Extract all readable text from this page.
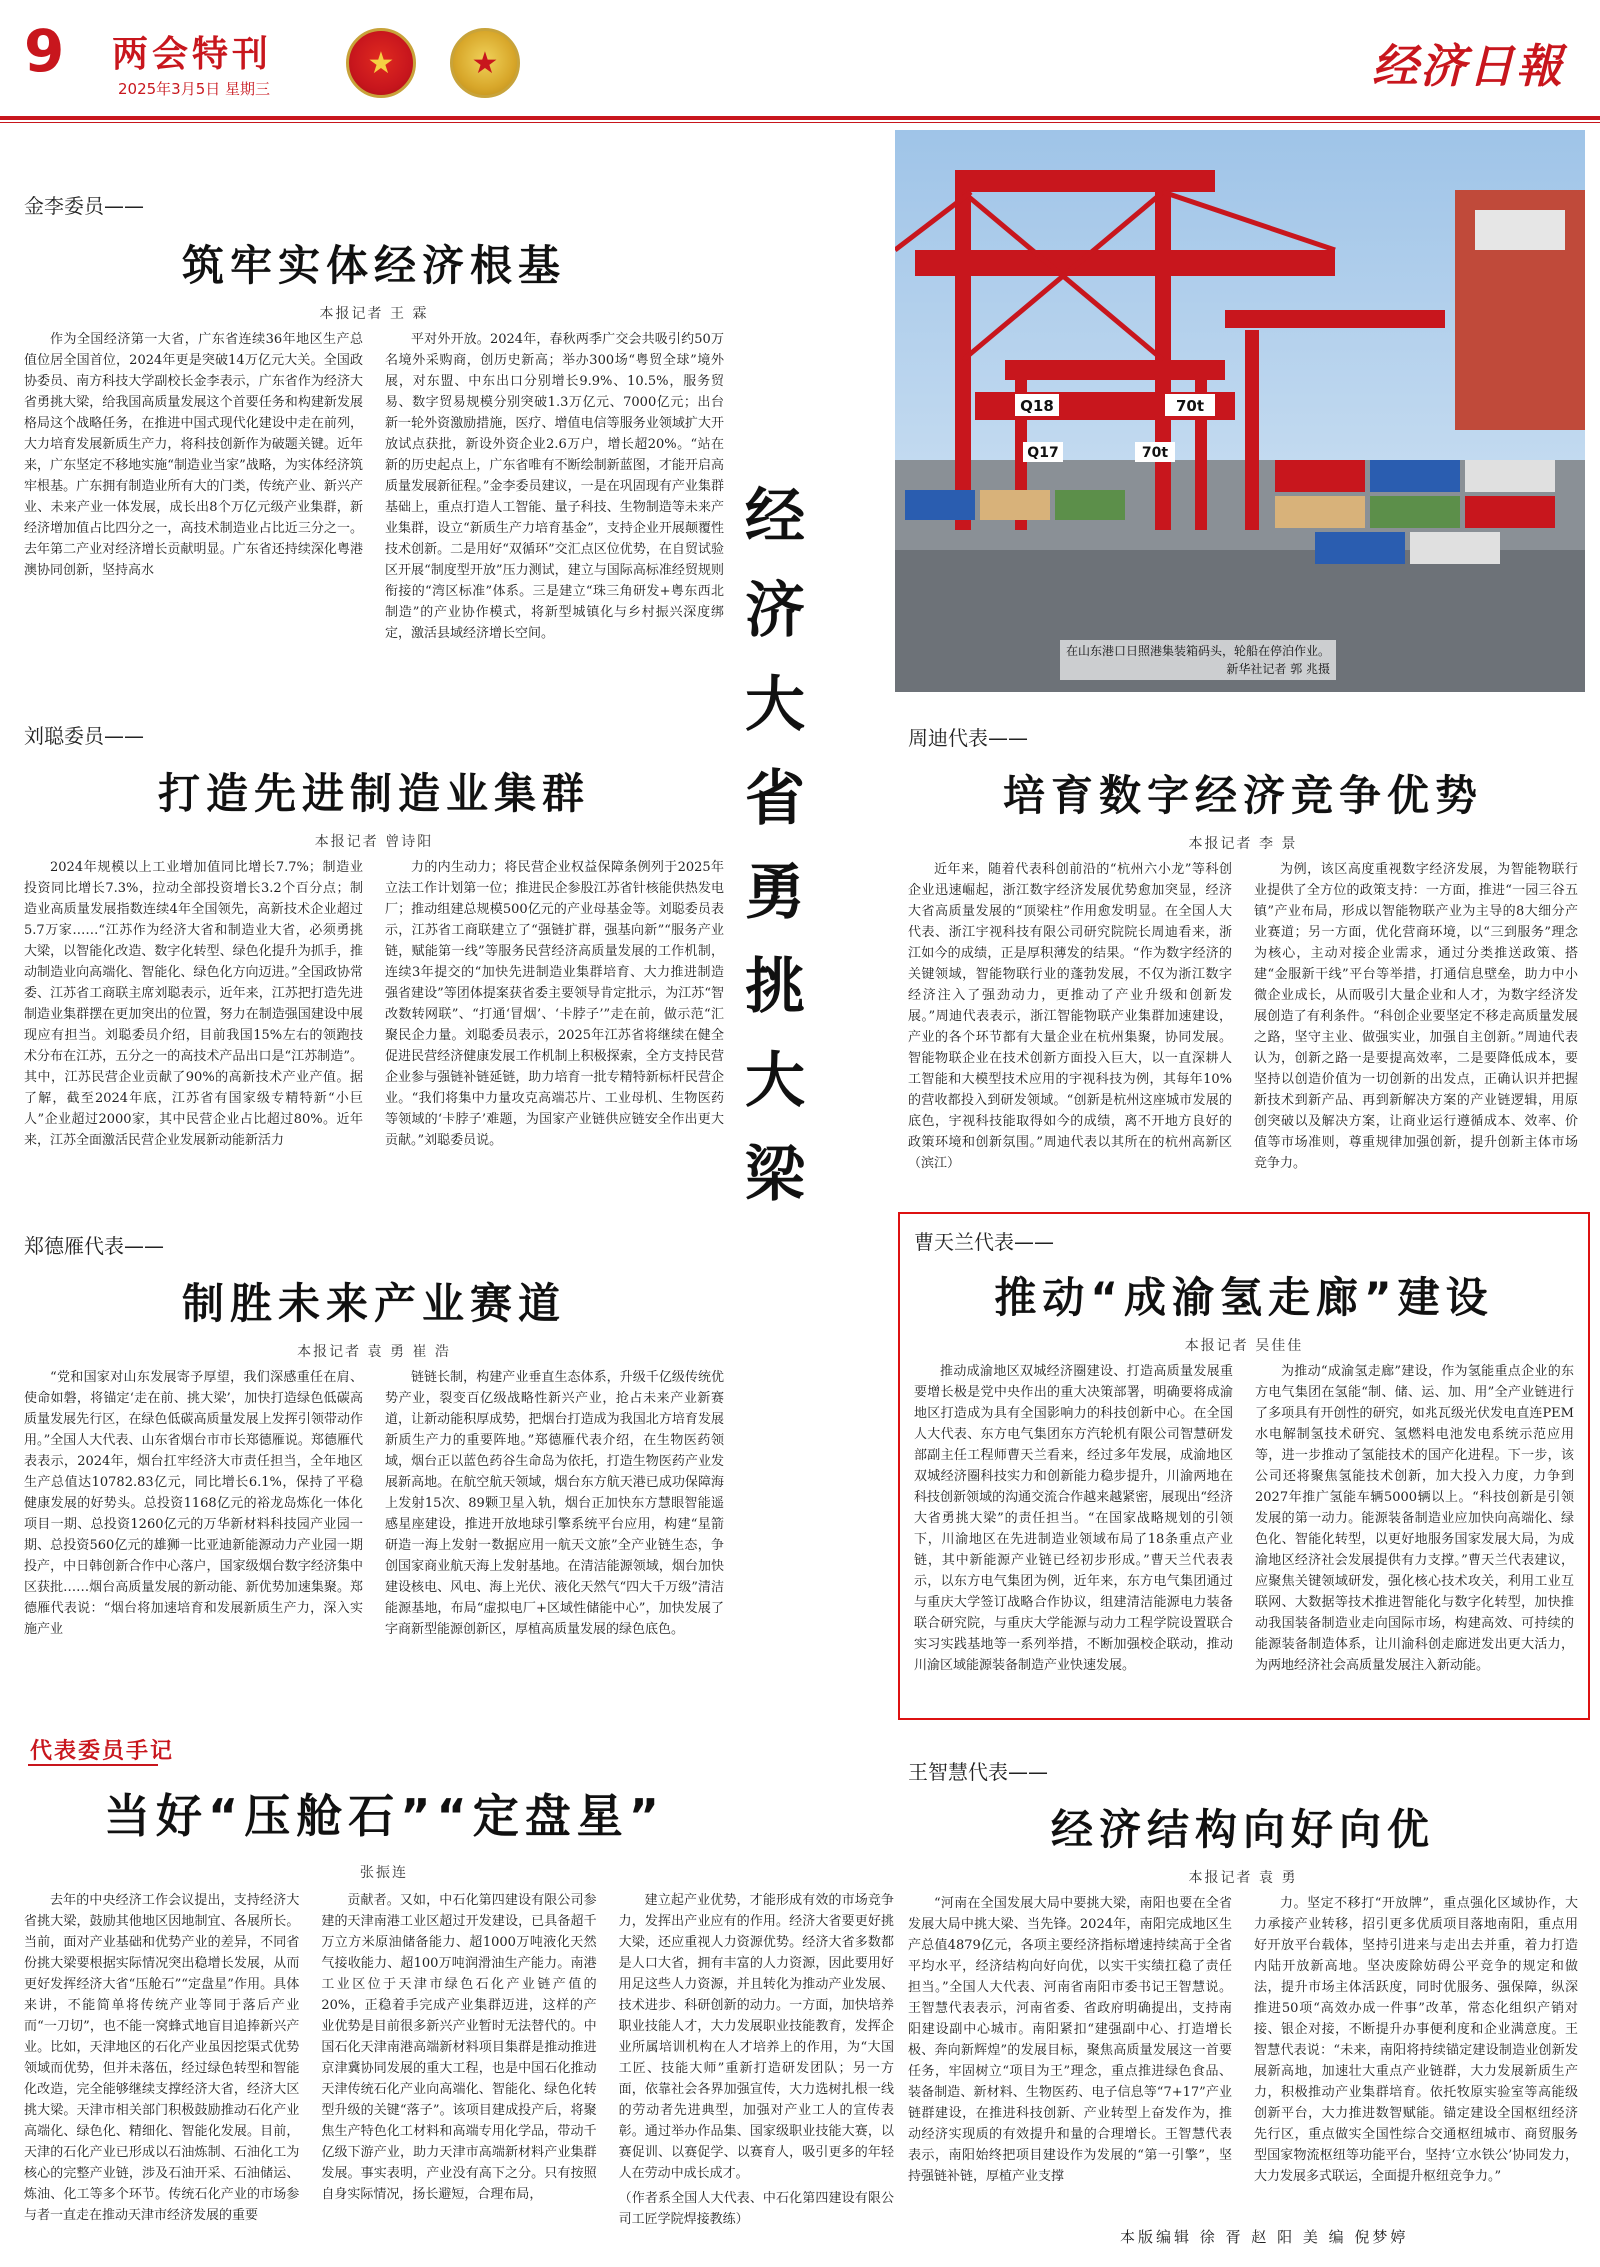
9 两会特刊
2025年3月5日 星期三
★	★	经济日報
经
济
大
省
勇
挑
大
梁
Q18	70t
Q17	70t
在山东港口日照港集装箱码头，轮船在停泊作业。
新华社记者 郭 兆摄
金李委员——
筑牢实体经济根基
本报记者 王 霖

作为全国经济第一大省，广东省连续36年地区生产总值位居全国首位，2024年更是突破14万亿元大关。全国政协委员、南方科技大学副校长金李表示，广东省作为经济大省勇挑大梁，给我国高质量发展这个首要任务和构建新发展格局这个战略任务，在推进中国式现代化建设中走在前列，大力培育发展新质生产力，将科技创新作为破题关键。近年来，广东坚定不移地实施“制造业当家”战略，为实体经济筑牢根基。广东拥有制造业所有大的门类，传统产业、新兴产业、未来产业一体发展，成长出8个万亿元级产业集群，新经济增加值占比四分之一，高技术制造业占比近三分之一。去年第二产业对经济增长贡献明显。广东省还持续深化粤港澳协同创新，坚持高水

平对外开放。2024年，春秋两季广交会共吸引约50万名境外采购商，创历史新高；举办300场“粤贸全球”境外展，对东盟、中东出口分别增长9.9%、10.5%，服务贸易、数字贸易规模分别突破1.3万亿元、7000亿元；出台新一轮外资激励措施，医疗、增值电信等服务业领域扩大开放试点获批，新设外资企业2.6万户，增长超20%。“站在新的历史起点上，广东省唯有不断绘制新蓝图，才能开启高质量发展新征程。”金李委员建议，一是在巩固现有产业集群基础上，重点打造人工智能、量子科技、生物制造等未来产业集群，设立“新质生产力培育基金”，支持企业开展颠覆性技术创新。二是用好“双循环”交汇点区位优势，在自贸试验区开展“制度型开放”压力测试，建立与国际高标准经贸规则衔接的“湾区标准”体系。三是建立“珠三角研发+粤东西北制造”的产业协作模式，将新型城镇化与乡村振兴深度绑定，激活县域经济增长空间。

刘聪委员——
打造先进制造业集群
本报记者 曾诗阳

2024年规模以上工业增加值同比增长7.7%；制造业投资同比增长7.3%，拉动全部投资增长3.2个百分点；制造业高质量发展指数连续4年全国领先，高新技术企业超过5.7万家……“江苏作为经济大省和制造业大省，必须勇挑大梁，以智能化改造、数字化转型、绿色化提升为抓手，推动制造业向高端化、智能化、绿色化方向迈进。”全国政协常委、江苏省工商联主席刘聪表示，近年来，江苏把打造先进制造业集群摆在更加突出的位置，努力在制造强国建设中展现应有担当。刘聪委员介绍，目前我国15%左右的领跑技术分布在江苏，五分之一的高技术产品出口是“江苏制造”。其中，江苏民营企业贡献了90%的高新技术产业产值。据了解，截至2024年底，江苏省有国家级专精特新“小巨人”企业超过2000家，其中民营企业占比超过80%。近年来，江苏全面激活民营企业发展新动能新活力

力的内生动力；将民营企业权益保障条例列于2025年立法工作计划第一位；推进民企参股江苏省针核能供热发电厂；推动组建总规模500亿元的产业母基金等。刘聪委员表示，江苏省工商联建立了“强链扩群，强基向新”“服务产业链，赋能第一线”等服务民营经济高质量发展的工作机制，连续3年提交的“加快先进制造业集群培育、大力推进制造强省建设”等团体提案获省委主要领导肯定批示，为江苏“智改数转网联”、“打通‘冒烟’、‘卡脖子’”走在前，做示范“汇聚民企力量。刘聪委员表示，2025年江苏省将继续在健全促进民营经济健康发展工作机制上积极探索，全方支持民营企业参与强链补链延链，助力培育一批专精特新标杆民营企业。“我们将集中力量攻克高端芯片、工业母机、生物医药等领域的‘卡脖子’难题，为国家产业链供应链安全作出更大贡献。”刘聪委员说。

郑德雁代表——
制胜未来产业赛道
本报记者 袁 勇 崔 浩

“党和国家对山东发展寄予厚望，我们深感重任在肩、使命如磐，将锚定‘走在前、挑大梁’，加快打造绿色低碳高质量发展先行区，在绿色低碳高质量发展上发挥引领带动作用。”全国人大代表、山东省烟台市市长郑德雁说。郑德雁代表表示，2024年，烟台扛牢经济大市责任担当，全年地区生产总值达10782.83亿元，同比增长6.1%，保持了平稳健康发展的好势头。总投资1168亿元的裕龙岛炼化一体化项目一期、总投资1260亿元的万华新材料科技园产业园一期、总投资560亿元的雄狮一比亚迪新能源动力产业园一期投产，中日韩创新合作中心落户，国家级烟台数字经济集中区获批……烟台高质量发展的新动能、新优势加速集聚。郑德雁代表说：“烟台将加速培育和发展新质生产力，深入实施产业

链链长制，构建产业垂直生态体系，升级千亿级传统优势产业，裂变百亿级战略性新兴产业，抢占未来产业新赛道，让新动能积厚成势，把烟台打造成为我国北方培育发展新质生产力的重要阵地。”郑德雁代表介绍，在生物医药领域，烟台正以蓝色药谷生命岛为依托，打造生物医药产业发展新高地。在航空航天领域，烟台东方航天港已成功保障海上发射15次、89颗卫星入轨，烟台正加快东方慧眼智能遥感星座建设，推进开放地球引擎系统平台应用，构建“星箭研造一海上发射一数据应用一航天文旅”全产业链生态，争创国家商业航天海上发射基地。在清洁能源领域，烟台加快建设核电、风电、海上光伏、液化天然气“四大千万级”清洁能源基地，布局“虚拟电厂+区域性储能中心”，加快发展了字商新型能源创新区，厚植高质量发展的绿色底色。

代表委员手记
当好“压舱石”“定盘星”
张振连

去年的中央经济工作会议提出，支持经济大省挑大梁，鼓励其他地区因地制宜、各展所长。当前，面对产业基础和优势产业的差异，不同省份挑大梁要根据实际情况突出稳增长发展，从而更好发挥经济大省“压舱石”“定盘星”作用。具体来讲，不能简单将传统产业等同于落后产业而“一刀切”，也不能一窝蜂式地盲目追捧新兴产业。比如，天津地区的石化产业虽因挖渠式优势领域而优势，但并未落伍，经过绿色转型和智能化改造，完全能够继续支撑经济大省，经济大区挑大梁。天津市相关部门积极鼓励推动石化产业高端化、绿色化、精细化、智能化发展。目前，天津的石化产业已形成以石油炼制、石油化工为核心的完整产业链，涉及石油开采、石油储运、炼油、化工等多个环节。传统石化产业的市场参与者一直走在推动天津市经济发展的重要

贡献者。又如，中石化第四建设有限公司参建的天津南港工业区超过开发建设，已具备超千万立方米原油储备能力、超1000万吨液化天然气接收能力、超100万吨润滑油生产能力。南港工业区位于天津市绿色石化产业链产值的20%，正稳着手完成产业集群迈进，这样的产业优势是目前很多新兴产业暂时无法替代的。中国石化天津南港高端新材料项目集群是推动推进京津冀协同发展的重大工程，也是中国石化推动天津传统石化产业向高端化、智能化、绿色化转型升级的关键“落子”。该项目建成投产后，将聚焦生产特色化工材料和高端专用化学品，带动千亿级下游产业，助力天津市高端新材料产业集群发展。事实表明，产业没有高下之分。只有按照自身实际情况，扬长避短，合理布局，

建立起产业优势，才能形成有效的市场竞争力，发挥出产业应有的作用。经济大省要更好挑大梁，还应重视人力资源优势。经济大省多数都是人口大省，拥有丰富的人力资源，因此要用好用足这些人力资源，并且转化为推动产业发展、技术进步、科研创新的动力。一方面，加快培养职业技能人才，大力发展职业技能教育，发挥企业所属培训机构在人才培养上的作用，为“大国工匠、技能大师”重新打造研发团队；另一方面，依靠社会各界加强宣传，大力选树扎根一线的劳动者先进典型，加强对产业工人的宣传表彰。通过举办作品集、国家级职业技能大赛，以赛促训、以赛促学、以赛育人，吸引更多的年轻人在劳动中成长成才。

（作者系全国人大代表、中石化第四建设有限公司工匠学院焊接教练）
周迪代表——
培育数字经济竞争优势
本报记者 李 景

近年来，随着代表科创前沿的“杭州六小龙”等科创企业迅速崛起，浙江数字经济发展优势愈加突显，经济大省高质量发展的“顶梁柱”作用愈发明显。在全国人大代表、浙江宇视科技有限公司研究院院长周迪看来，浙江如今的成绩，正是厚积薄发的结果。“作为数字经济的关键领域，智能物联行业的蓬勃发展，不仅为浙江数字经济注入了强劲动力，更推动了产业升级和创新发展。”周迪代表表示，浙江智能物联产业集群加速建设，产业的各个环节都有大量企业在杭州集聚，协同发展。智能物联企业在技术创新方面投入巨大，以一直深耕人工智能和大模型技术应用的宇视科技为例，其每年10%的营收都投入到研发领域。“创新是杭州这座城市发展的底色，宇视科技能取得如今的成绩，离不开地方良好的政策环境和创新氛围。”周迪代表以其所在的杭州高新区（滨江）

为例，该区高度重视数字经济发展，为智能物联行业提供了全方位的政策支持：一方面，推进“一园三谷五镇”产业布局，形成以智能物联产业为主导的8大细分产业赛道；另一方面，优化营商环境，以“三到服务”理念为核心，主动对接企业需求，通过分类推送政策、搭建“金服新干线”平台等举措，打通信息壁垒，助力中小微企业成长，从而吸引大量企业和人才，为数字经济发展创造了有利条件。“科创企业要坚定不移走高质量发展之路，坚守主业、做强实业，加强自主创新。”周迪代表认为，创新之路一是要提高效率，二是要降低成本，要坚持以创造价值为一切创新的出发点，正确认识并把握新技术到新产品、再到新解决方案的产业链逻辑，用原创突破以及解决方案，让商业运行遵循成本、效率、价值等市场准则，尊重规律加强创新，提升创新主体市场竞争力。

曹天兰代表——
推动“成渝氢走廊”建设
本报记者 吴佳佳

推动成渝地区双城经济圈建设、打造高质量发展重要增长极是党中央作出的重大决策部署，明确要将成渝地区打造成为具有全国影响力的科技创新中心。在全国人大代表、东方电气集团东方汽轮机有限公司智慧研发部副主任工程师曹天兰看来，经过多年发展，成渝地区双城经济圈科技实力和创新能力稳步提升，川渝两地在科技创新领域的沟通交流合作越来越紧密，展现出“经济大省勇挑大梁”的责任担当。“在国家战略规划的引领下，川渝地区在先进制造业领域布局了18条重点产业链，其中新能源产业链已经初步形成。”曹天兰代表表示，以东方电气集团为例，近年来，东方电气集团通过与重庆大学签订战略合作协议，组建清洁能源电力装备联合研究院，与重庆大学能源与动力工程学院设置联合实习实践基地等一系列举措，不断加强校企联动，推动川渝区域能源装备制造产业快速发展。

为推动“成渝氢走廊”建设，作为氢能重点企业的东方电气集团在氢能“制、储、运、加、用”全产业链进行了多项具有开创性的研究，如兆瓦级光伏发电直连PEM水电解制氢技术研究、氢燃料电池发电系统示范应用等，进一步推动了氢能技术的国产化进程。下一步，该公司还将聚焦氢能技术创新，加大投入力度，力争到2027年推广氢能车辆5000辆以上。“科技创新是引领发展的第一动力。能源装备制造业应加快向高端化、绿色化、智能化转型，以更好地服务国家发展大局，为成渝地区经济社会发展提供有力支撑。”曹天兰代表建议，应聚焦关键领域研发，强化核心技术攻关，利用工业互联网、大数据等技术推进智能化与数字化转型，加快推动我国装备制造业走向国际市场，构建高效、可持续的能源装备制造体系，让川渝科创走廊迸发出更大活力，为两地经济社会高质量发展注入新动能。

王智慧代表——
经济结构向好向优
本报记者 袁 勇

“河南在全国发展大局中要挑大梁，南阳也要在全省发展大局中挑大梁、当先锋。2024年，南阳完成地区生产总值4879亿元，各项主要经济指标增速持续高于全省平均水平，经济结构向好向优，以实干实绩扛稳了责任担当。”全国人大代表、河南省南阳市委书记王智慧说。王智慧代表表示，河南省委、省政府明确提出，支持南阳建设副中心城市。南阳紧扣“建强副中心、打造增长极、奔向新辉煌”的发展目标，聚焦高质量发展这一首要任务，牢固树立“项目为王”理念，重点推进绿色食品、装备制造、新材料、生物医药、电子信息等“7+17”产业链群建设，在推进科技创新、产业转型上奋发作为，推动经济实现质的有效提升和量的合理增长。王智慧代表表示，南阳始终把项目建设作为发展的“第一引擎”，坚持强链补链，厚植产业支撑

力。坚定不移打“开放牌”，重点强化区域协作，大力承接产业转移，招引更多优质项目落地南阳，重点用好开放平台载体，坚持引进来与走出去并重，着力打造内陆开放新高地。坚决废除妨碍公平竞争的规定和做法，提升市场主体活跃度，同时优服务、强保障，纵深推进50项“高效办成一件事”改革，常态化组织产销对接、银企对接，不断提升办事便利度和企业满意度。王智慧代表说：“未来，南阳将持续锚定建设制造业创新发展新高地，加速壮大重点产业链群，大力发展新质生产力，积极推动产业集群培育。依托牧原实验室等高能级创新平台，大力推进数智赋能。锚定建设全国枢纽经济先行区，重点做实全国性综合交通枢纽城市、商贸服务型国家物流枢纽等功能平台，坚持‘立水铁公’协同发力，大力发展多式联运，全面提升枢纽竞争力。”

本版编辑 徐 胥 赵 阳 美 编 倪梦婷
